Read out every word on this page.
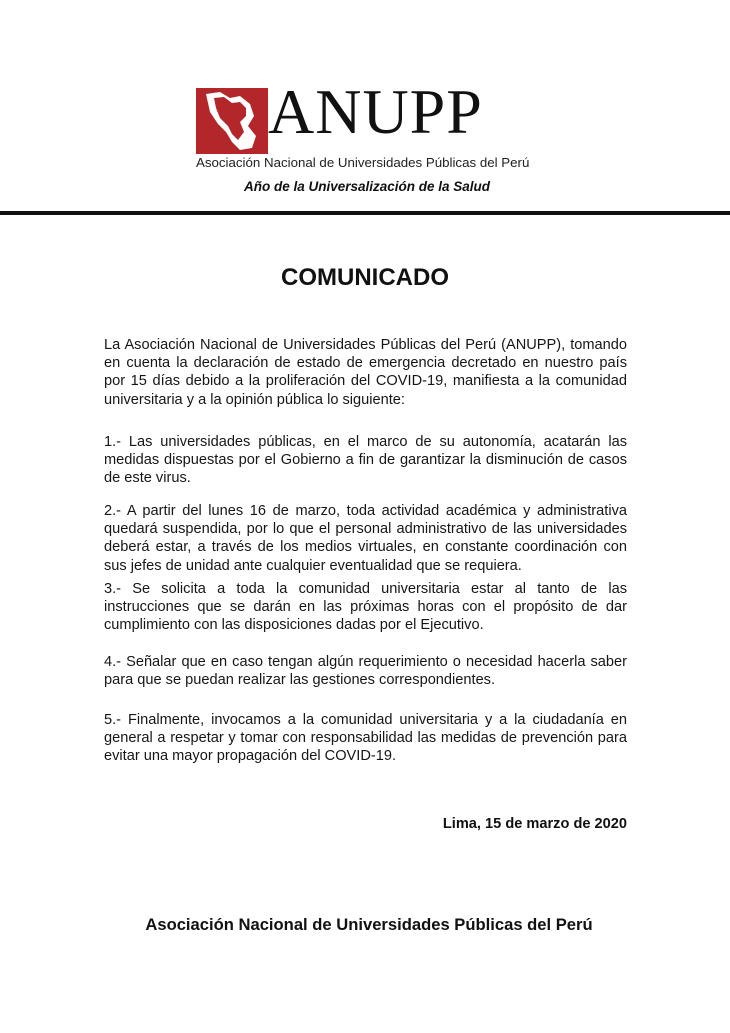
ANUPP
Asociación Nacional de Universidades Públicas del Perú
Año de la Universalización de la Salud
COMUNICADO

La Asociación Nacional de Universidades Públicas del Perú (ANUPP), tomando en cuenta la declaración de estado de emergencia decretado en nuestro país por 15 días debido a la proliferación del COVID-19, manifiesta a la comunidad universitaria y a la opinión pública lo siguiente:

1.- Las universidades públicas, en el marco de su autonomía, acatarán las medidas dispuestas por el Gobierno a fin de garantizar la disminución de casos de este virus.

2.- A partir del lunes 16 de marzo, toda actividad académica y administrativa quedará suspendida, por lo que el personal administrativo de las universidades deberá estar, a través de los medios virtuales, en constante coordinación con sus jefes de unidad ante cualquier eventualidad que se requiera.

3.- Se solicita a toda la comunidad universitaria estar al tanto de las instrucciones que se darán en las próximas horas con el propósito de dar cumplimiento con las disposiciones dadas por el Ejecutivo.

4.- Señalar que en caso tengan algún requerimiento o necesidad hacerla saber para que se puedan realizar las gestiones correspondientes.

5.- Finalmente, invocamos a la comunidad universitaria y a la ciudadanía en general a respetar y tomar con responsabilidad las medidas de prevención para evitar una mayor propagación del COVID-19.

Lima, 15 de marzo de 2020

Asociación Nacional de Universidades Públicas del Perú
